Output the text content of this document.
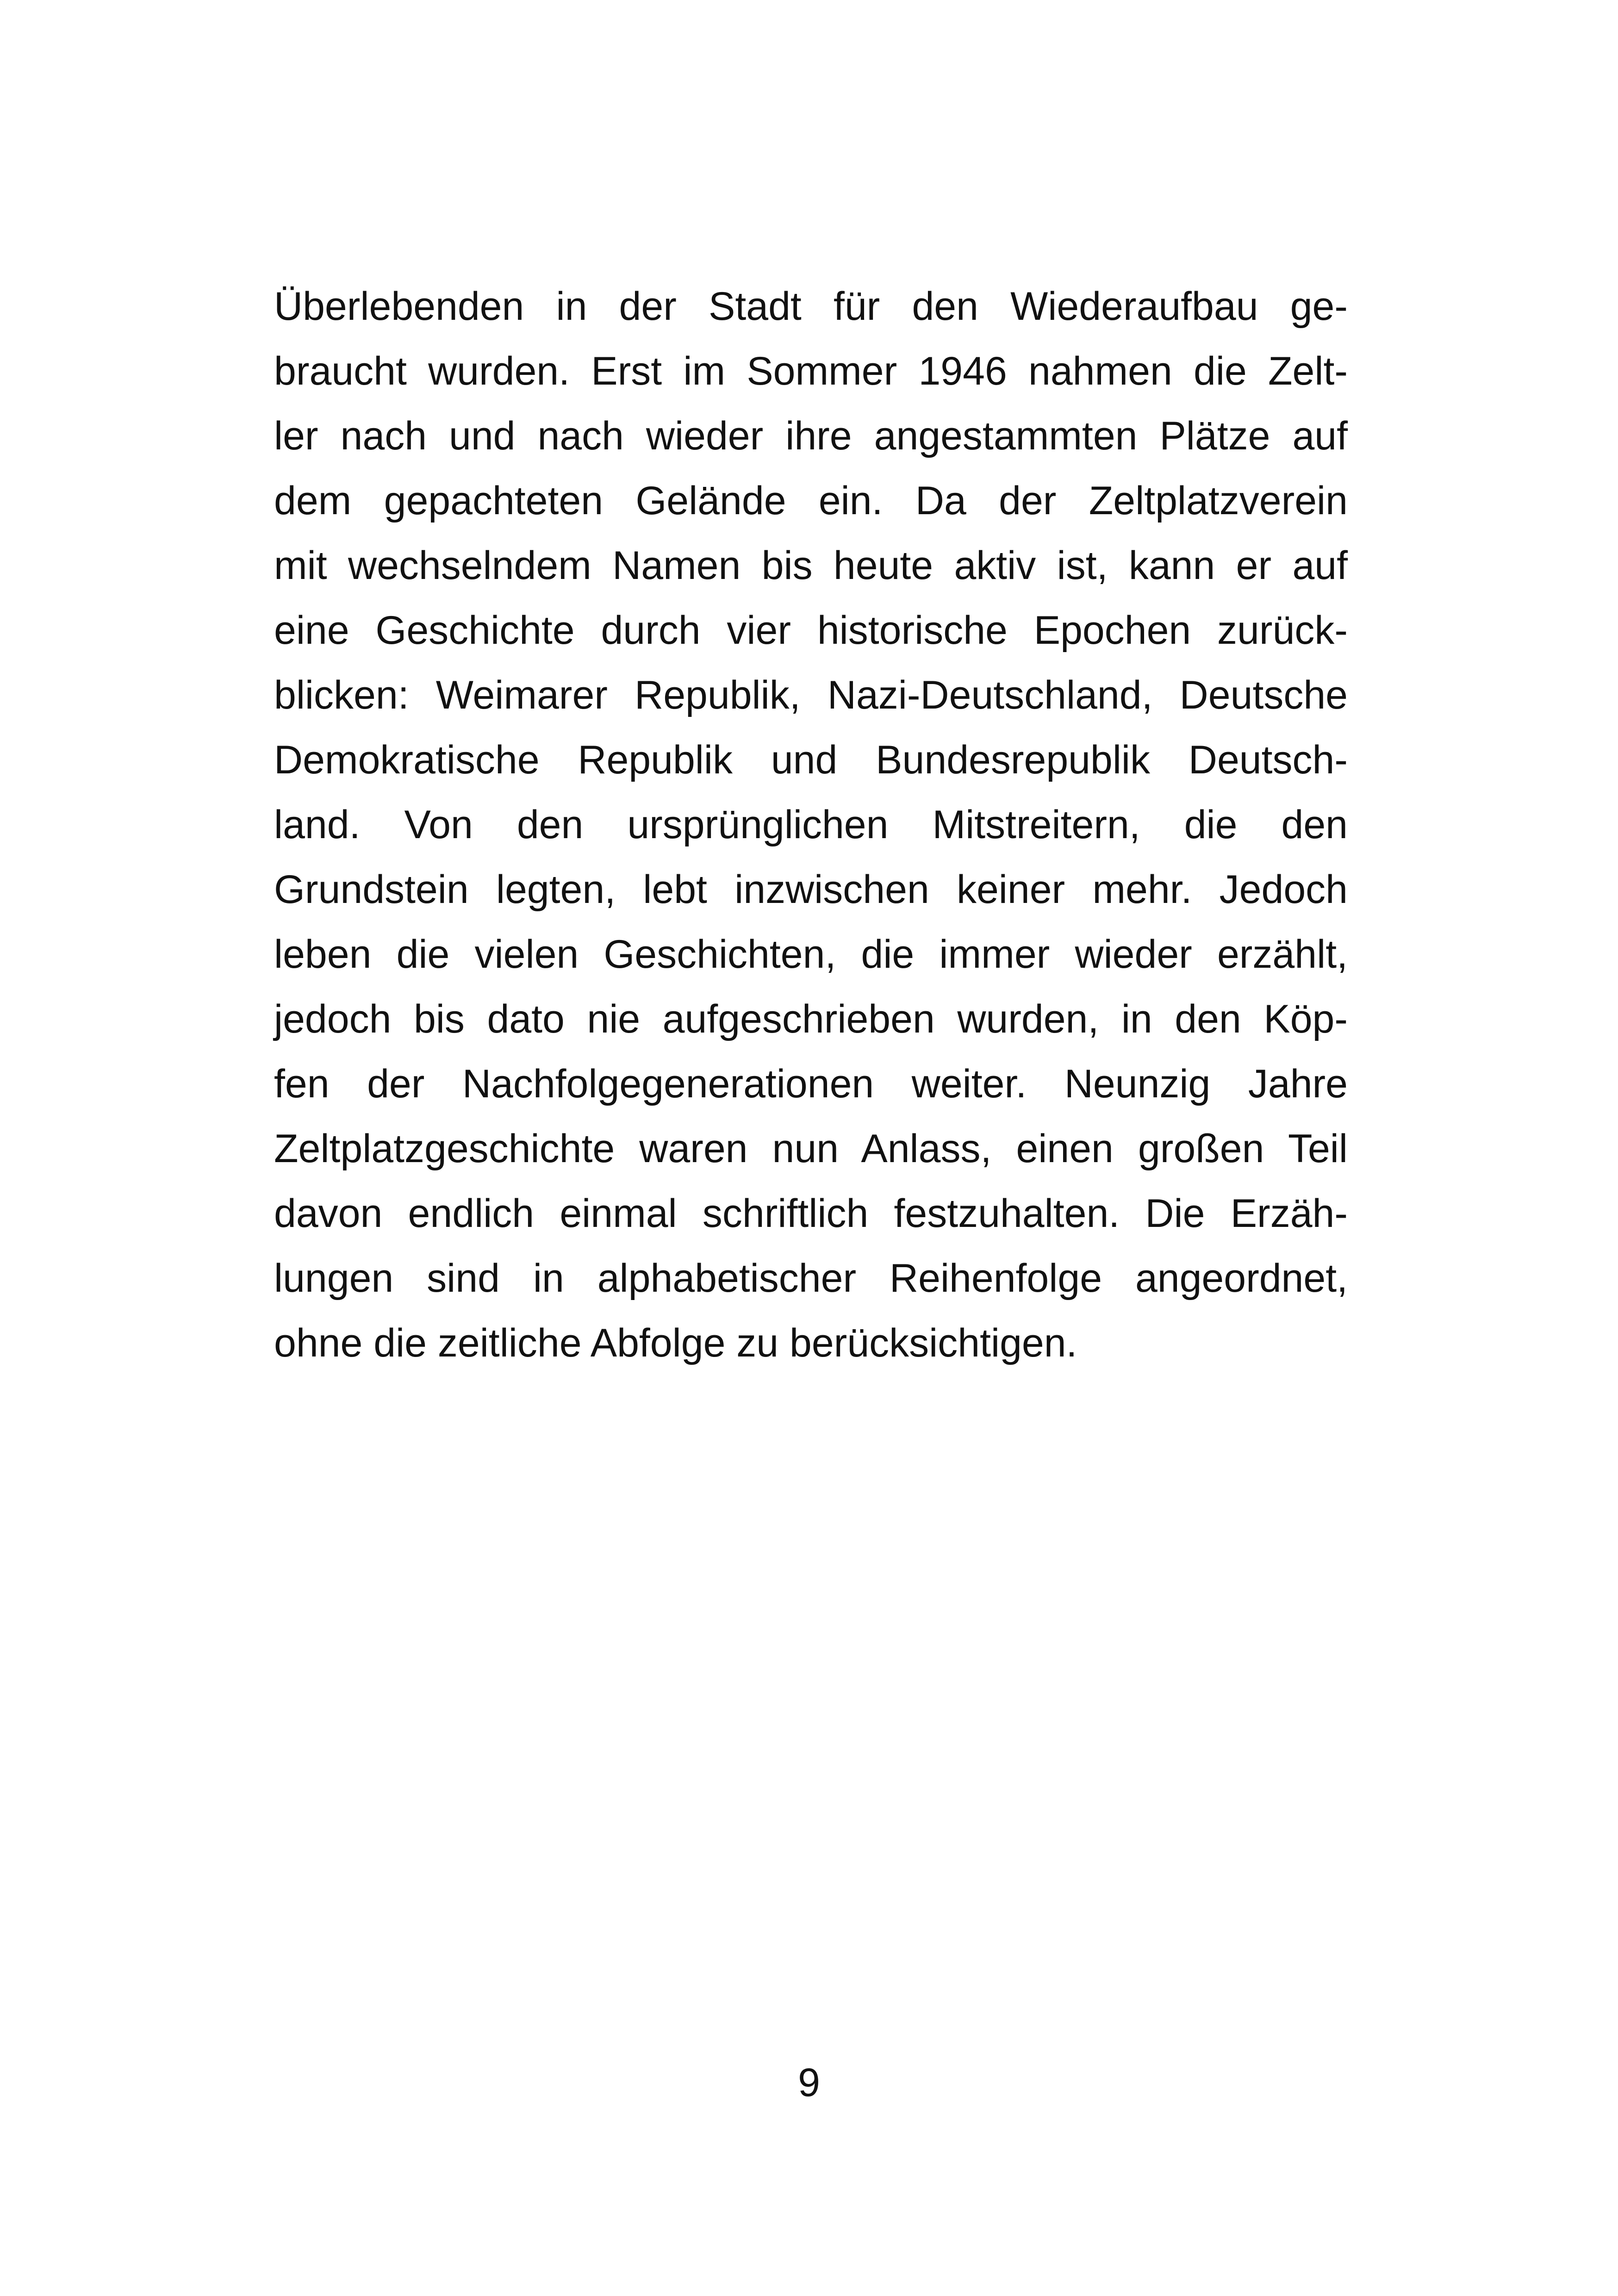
Überlebenden in der Stadt für den Wiederaufbau ge-
braucht wurden. Erst im Sommer 1946 nahmen die Zelt-
ler nach und nach wieder ihre angestammten Plätze auf
dem gepachteten Gelände ein. Da der Zeltplatzverein
mit wechselndem Namen bis heute aktiv ist, kann er auf
eine Geschichte durch vier historische Epochen zurück-
blicken: Weimarer Republik, Nazi-Deutschland, Deutsche
Demokratische Republik und Bundesrepublik Deutsch-
land. Von den ursprünglichen Mitstreitern, die den
Grundstein legten, lebt inzwischen keiner mehr. Jedoch
leben die vielen Geschichten, die immer wieder erzählt,
jedoch bis dato nie aufgeschrieben wurden, in den Köp-
fen der Nachfolgegenerationen weiter. Neunzig Jahre
Zeltplatzgeschichte waren nun Anlass, einen großen Teil
davon endlich einmal schriftlich festzuhalten. Die Erzäh-
lungen sind in alphabetischer Reihenfolge angeordnet,
ohne die zeitliche Abfolge zu berücksichtigen.
9
